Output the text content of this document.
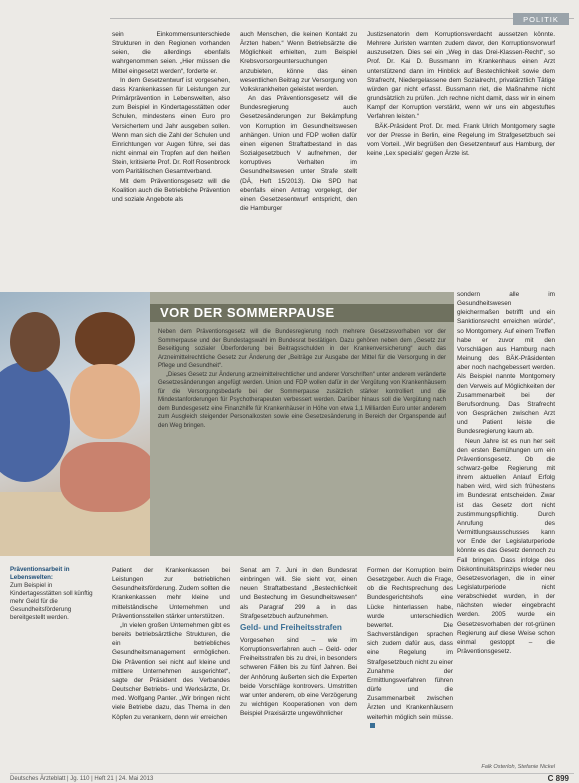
POLITIK

sein Einkommensunterschiede Strukturen in den Regionen vorhanden seien, die allerdings ebenfalls wahrgenommen seien. „Hier müssen die Mittel eingesetzt werden“, forderte er.

In dem Gesetzentwurf ist vorgesehen, dass Krankenkassen für Leistungen zur Primärprävention in Lebenswelten, also zum Beispiel in Kindertagesstätten oder Schulen, mindestens einen Euro pro Versichertem und Jahr ausgeben sollen. Wenn man sich die Zahl der Schulen und Einrichtungen vor Augen führe, sei das nicht einmal ein Tropfen auf den heißen Stein, kritisierte Prof. Dr. Rolf Rosenbrock vom Paritätischen Gesamtverband.

Mit dem Präventionsgesetz will die Koalition auch die Betriebliche Prävention und soziale Angebote als

auch Menschen, die keinen Kontakt zu Ärzten haben.“ Wenn Betriebsärzte die Möglichkeit erhielten, zum Beispiel Krebsvorsorgeuntersuchungen anzubieten, könne das einen wesentlichen Beitrag zur Versorgung von Volkskrankheiten geleistet werden.

An das Präventionsgesetz will die Bundesregierung auch Gesetzesänderungen zur Bekämpfung von Korruption im Gesundheitswesen anhängen. Union und FDP wollen dafür einen eigenen Straftatbestand in das Sozialgesetzbuch V aufnehmen, der korruptives Verhalten im Gesundheitswesen unter Strafe stellt (DÄ, Heft 15/2013). Die SPD hat ebenfalls einen Antrag vorgelegt, der einen Gesetzesentwurf entspricht, den die Hamburger

Justizsenatorin dem Korruptionsverdacht aussetzen könnte. Mehrere Juristen warnten zudem davor, den Korruptionsvorwurf auszusetzen. Dies sei ein „Weg in das Drei-Klassen-Recht“, so Prof. Dr. Kai D. Bussmann im Krankenhaus einen Arzt unterstützend dann im Hinblick auf Bestechlichkeit sowie dem Strafrecht, Niedergelassene dem Sozialrecht, privatärztlich Tätige würden gar nicht erfasst. Bussmann riet, die Maßnahme nicht grundsätzlich zu prüfen. „Ich rechne nicht damit, dass wir in einem Kampf der Korruption verstärkt, wenn wir uns ein abgestuftes Verfahren leisten.“

BÄK-Präsident Prof. Dr. med. Frank Ulrich Montgomery sagte vor der Presse in Berlin, eine Regelung im Strafgesetzbuch sei vom Vorteil. „Wir begrüßen den Gesetzentwurf aus Hamburg, der keine ‚Lex specialis‘ gegen Ärzte ist.

sondern alle im Gesundheitswesen gleichermaßen betrifft und ein Sanktionsrecht erreichen würde“, so Montgomery. Auf einem Treffen habe er zuvor mit den Vorschlägen aus Hamburg nach Meinung des BÄK-Präsidenten aber noch nachgebessert werden. Als Beispiel nannte Montgomery den Verweis auf Möglichkeiten der Zusammenarbeit bei der Berufsordnung. Das Strafrecht von Gesprächen zwischen Arzt und Patient leiste die Bundesregierung kaum ab.

Neun Jahre ist es nun her seit den ersten Bemühungen um ein Präventionsgesetz. Ob die schwarz-gelbe Regierung mit ihrem aktuellen Anlauf Erfolg haben wird, wird sich frühestens im Bundesrat entscheiden. Zwar ist das Gesetz dort nicht zustimmungspflichtig. Durch Anrufung des Vermittlungsausschusses kann vor Ende der Legislaturperiode könnte es das Gesetz dennoch zu Fall bringen. Dass infolge des Diskontinuitätsprinzips wieder neu Gesetzesvorlagen, die in einer Legislaturperiode nicht verabschiedet wurden, in der nächsten wieder eingebracht werden. 2005 wurde ein Gesetzesvorhaben der rot-grünen Regierung auf diese Weise schon einmal gestoppt – die Präventionsgesetz.

VOR DER SOMMERPAUSE

Neben dem Präventionsgesetz will die Bundesregierung noch mehrere Gesetzesvorhaben vor der Sommerpause und der Bundestagswahl im Bundesrat bestätigen. Dazu gehören neben dem „Gesetz zur Beseitigung sozialer Überforderung bei Beitragsschulden in der Krankenversicherung“ auch das Arzneimittelrechtliche Gesetz zur Änderung der „Beiträge zur Ausgabe der Mittel für die Versorgung in der Pflege und Gesundheit“.

„Dieses Gesetz zur Änderung arzneimittelrechtlicher und anderer Vorschriften“ unter anderem veränderte Gesetzesänderungen angefügt werden. Union und FDP wollen dafür in der Vergütung von Krankenhäusern für die Versorgungsbedarfe bei der Sommerpause zusätzlich stärker kontrolliert und die Mindestanforderungen für Psychotherapeuten verbessert werden. Darüber hinaus soll die Vergütung nach dem Bundesgesetz eine Finanzhilfe für Krankenhäuser in Höhe von etwa 1,1 Milliarden Euro unter anderem zum Ausgleich steigender Personalkosten sowie eine Gesetzesänderung in Bereich der Organspende auf den Weg bringen.

Präventionsarbeit in Lebenswelten:
Zum Beispiel in Kindertagesstätten soll künftig mehr Geld für die Gesundheitsförderung bereitgestellt werden.

Patient der Krankenkassen bei Leistungen zur betrieblichen Gesundheitsförderung. Zudem sollten die Krankenkassen mehr kleine und mittelständische Unternehmen und Präventionsstellen stärker unterstützen.

„In vielen großen Unternehmen gibt es bereits betriebsärztliche Strukturen, die ein betriebliches Gesundheitsmanagement ermöglichen. Die Prävention sei nicht auf kleine und mittlere Unternehmen ausgerichtet“, sagte der Präsident des Verbandes Deutscher Betriebs- und Werksärzte, Dr. med. Wolfgang Panter. „Wir bringen nicht viele Betriebe dazu, das Thema in den Köpfen zu verankern, denn wir erreichen

Senat am 7. Juni in den Bundesrat einbringen will. Sie sieht vor, einen neuen Straftatbestand „Bestechlichkeit und Bestechung im Gesundheitswesen“ als Paragraf 299 a in das Strafgesetzbuch aufzunehmen.

Geld- und Freiheitsstrafen

Vorgesehen sind – wie im Korruptionsverfahren auch – Geld- oder Freiheitsstrafen bis zu drei, in besonders schweren Fällen bis zu fünf Jahren. Bei der Anhörung äußerten sich die Experten beide Vorschläge kontrovers. Umstritten war unter anderem, ob eine Verzögerung zu wichtigen Kooperationen von dem Beispiel Praxisärzte ungewöhnlicher

Formen der Korruption beim Gesetzgeber. Auch die Frage, ob die Rechtsprechung des Bundesgerichtshofs eine Lücke hinterlassen habe, wurde unterschiedlich bewertet. Die Sachverständigen sprachen sich zudem dafür aus, dass eine Regelung im Strafgesetzbuch nicht zu einer Zunahme der Ermittlungsverfahren führen dürfe und die Zusammenarbeit zwischen Ärzten und Krankenhäusern weiterhin möglich sein müsse.

Falk Osterloh, Stefanie Nickel
Deutsches Ärzteblatt | Jg. 110 | Heft 21 | 24. Mai 2013	C 899
